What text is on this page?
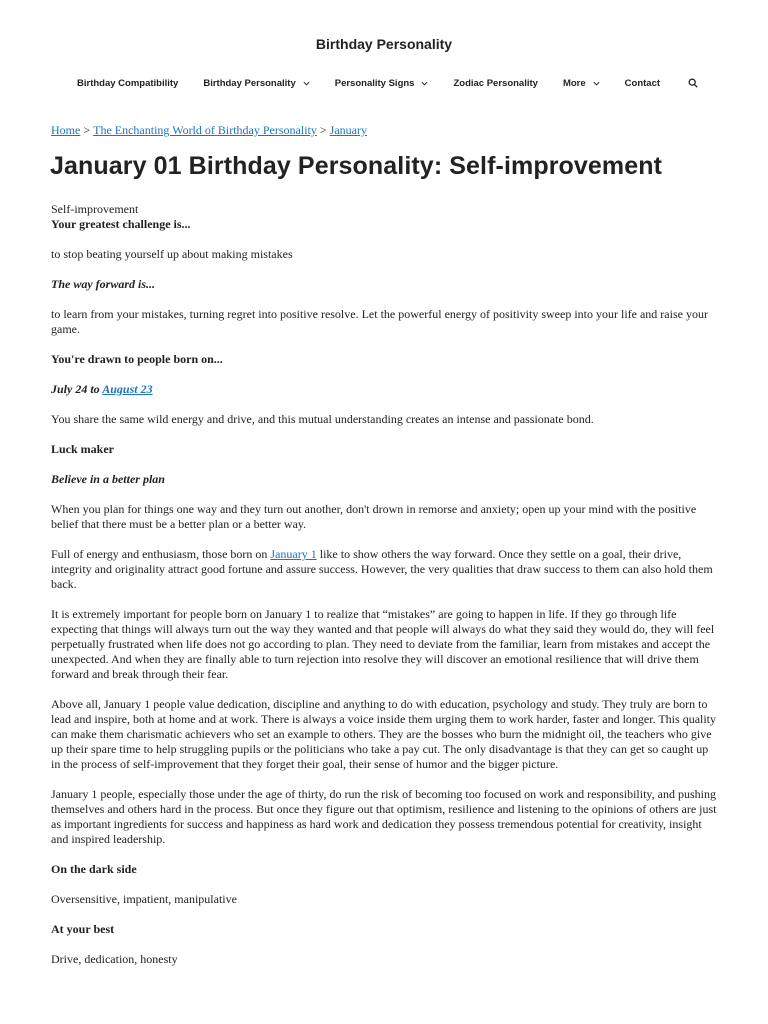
Birthday Personality
Birthday Compatibility	Birthday Personality	Personality Signs	Zodiac Personality	More	Contact
Home > The Enchanting World of Birthday Personality > January
January 01 Birthday Personality: Self-improvement

Self-improvement

Your greatest challenge is...

to stop beating yourself up about making mistakes

The way forward is...

to learn from your mistakes, turning regret into positive resolve. Let the powerful energy of positivity sweep into your life and raise your game.

You're drawn to people born on...

July 24 to August 23

You share the same wild energy and drive, and this mutual understanding creates an intense and passionate bond.

Luck maker

Believe in a better plan

When you plan for things one way and they turn out another, don't drown in remorse and anxiety; open up your mind with the positive belief that there must be a better plan or a better way.

Full of energy and enthusiasm, those born on January 1 like to show others the way forward. Once they settle on a goal, their drive, integrity and originality attract good fortune and assure success. However, the very qualities that draw success to them can also hold them back.

It is extremely important for people born on January 1 to realize that “mistakes” are going to happen in life. If they go through life expecting that things will always turn out the way they wanted and that people will always do what they said they would do, they will feel perpetually frustrated when life does not go according to plan. They need to deviate from the familiar, learn from mistakes and accept the unexpected. And when they are finally able to turn rejection into resolve they will discover an emotional resilience that will drive them forward and break through their fear.

Above all, January 1 people value dedication, discipline and anything to do with education, psychology and study. They truly are born to lead and inspire, both at home and at work. There is always a voice inside them urging them to work harder, faster and longer. This quality can make them charismatic achievers who set an example to others. They are the bosses who burn the midnight oil, the teachers who give up their spare time to help struggling pupils or the politicians who take a pay cut. The only disadvantage is that they can get so caught up in the process of self-improvement that they forget their goal, their sense of humor and the bigger picture.

January 1 people, especially those under the age of thirty, do run the risk of becoming too focused on work and responsibility, and pushing themselves and others hard in the process. But once they figure out that optimism, resilience and listening to the opinions of others are just as important ingredients for success and happiness as hard work and dedication they possess tremendous potential for creativity, insight and inspired leadership.

On the dark side

Oversensitive, impatient, manipulative

At your best

Drive, dedication, honesty
